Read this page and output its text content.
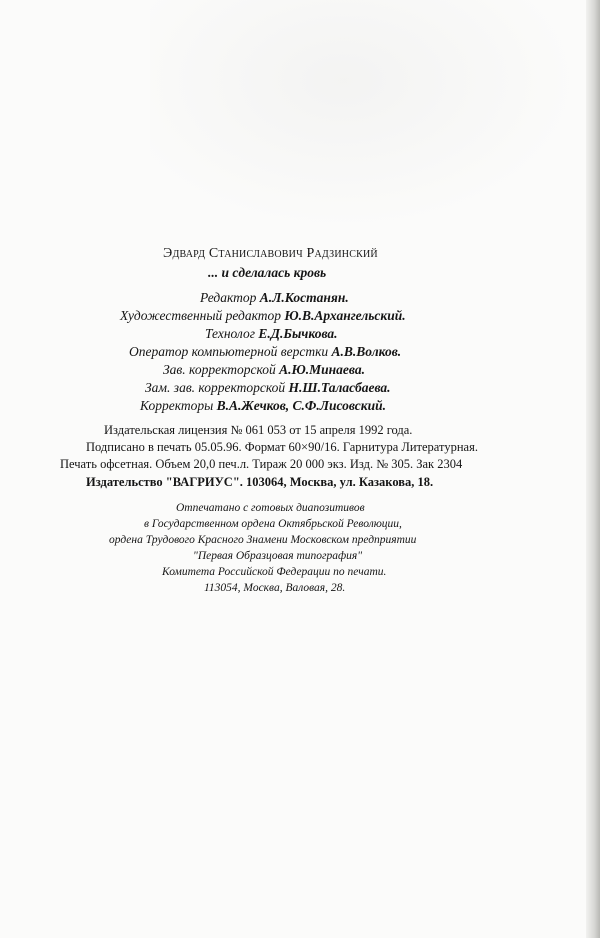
Эдвард Станиславович Радзинский
... и сделалась кровь
Редактор А.Л.Костанян.
Художественный редактор Ю.В.Архангельский.
Технолог Е.Д.Бычкова.
Оператор компьютерной верстки А.В.Волков.
Зав. корректорской А.Ю.Минаева.
Зам. зав. корректорской Н.Ш.Таласбаева.
Корректоры В.А.Жечков, С.Ф.Лисовский.
Издательская лицензия № 061 053 от 15 апреля 1992 года.
Подписано в печать 05.05.96. Формат 60×90/16. Гарнитура Литературная.
Печать офсетная. Объем 20,0 печ.л. Тираж 20 000 экз. Изд. № 305. Зак 2304
Издательство "ВАГРИУС". 103064, Москва, ул. Казакова, 18.
Отпечатано с готовых диапозитивов
в Государственном ордена Октябрьской Революции,
ордена Трудового Красного Знамени Московском предприятии
"Первая Образцовая типография"
Комитета Российской Федерации по печати.
113054, Москва, Валовая, 28.
